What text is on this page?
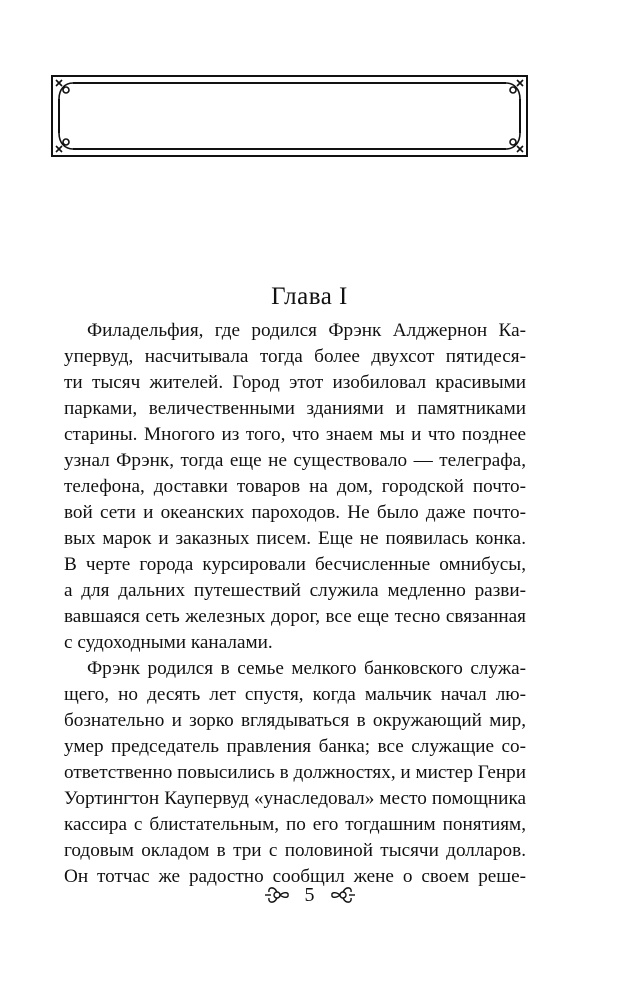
Глава I
Филадельфия, где родился Фрэнк Алджернон Ка-
упервуд, насчитывала тогда более двухсот пятидеся-
ти тысяч жителей. Город этот изобиловал красивыми
парками, величественными зданиями и памятниками
старины. Многого из того, что знаем мы и что позднее
узнал Фрэнк, тогда еще не существовало — телеграфа,
телефона, доставки товаров на дом, городской почто-
вой сети и океанских пароходов. Не было даже почто-
вых марок и заказных писем. Еще не появилась конка.
В черте города курсировали бесчисленные омнибусы,
а для дальних путешествий служила медленно разви-
вавшаяся сеть железных дорог, все еще тесно связанная
с судоходными каналами.
Фрэнк родился в семье мелкого банковского служа-
щего, но десять лет спустя, когда мальчик начал лю-
бознательно и зорко вглядываться в окружающий мир,
умер председатель правления банка; все служащие со-
ответственно повысились в должностях, и мистер Генри
Уортингтон Каупервуд «унаследовал» место помощника
кассира с блистательным, по его тогдашним понятиям,
годовым окладом в три с половиной тысячи долларов.
Он тотчас же радостно сообщил жене о своем реше-
5
